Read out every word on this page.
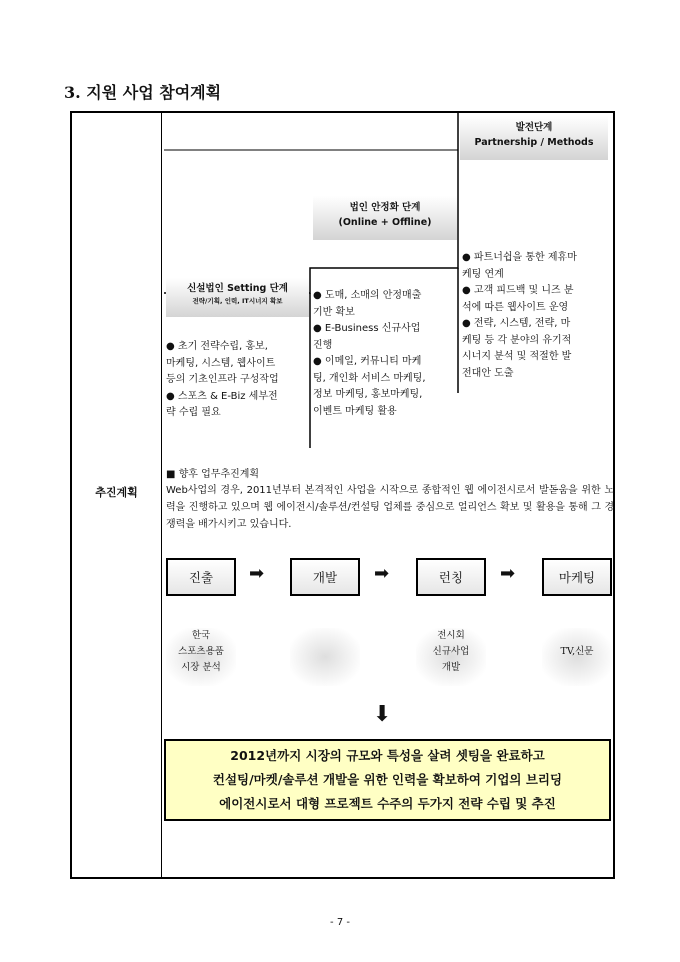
3. 지원 사업 참여계획
추진계획
발전단계
Partnership / Methods
● 파트너쉽을 통한 제휴마
케팅 연계
● 고객 피드백 및 니즈 분
석에 따른 웹사이트 운영
● 전략, 시스템, 전략, 마
케팅 등 각 분야의 유기적
시너지 분석 및 적절한 발
전대안 도출
법인 안정화 단계
(Online + Offline)
● 도매, 소매의 안정매출
기반 확보
● E-Business 신규사업
진행
● 이메일, 커뮤니티 마케
팅, 개인화 서비스 마케팅,
정보 마케팅, 홍보마케팅,
이벤트 마케팅 활용
신설법인 Setting 단계
전략/기획, 인력, IT시너지 확보
● 초기 전략수립, 홍보,
마케팅, 시스템, 웹사이트
등의 기초인프라 구성작업
● 스포츠 & E-Biz 세부전
략 수립 필요
■ 향후 업무추진계획
Web사업의 경우, 2011년부터 본격적인 사업을 시작으로 종합적인 웹 에이전시로서 발돋움을 위한 노력을 진행하고 있으며 웹 에이전시/솔루션/컨설팅 업체를 중심으로 얼리언스 확보 및 활용을 통해 그 경쟁력을 배가시키고 있습니다.
진출	➡	개발	➡	런칭	➡	마케팅
한국
스포츠용품
시장 분석
전시회
신규사업
개발
TV,신문
⬇
2012년까지 시장의 규모와 특성을 살려 셋팅을 완료하고
컨설팅/마켓/솔루션 개발을 위한 인력을 확보하여 기업의 브리딩
에이전시로서 대형 프로젝트 수주의 두가지 전략 수립 및 추진
- 7 -
